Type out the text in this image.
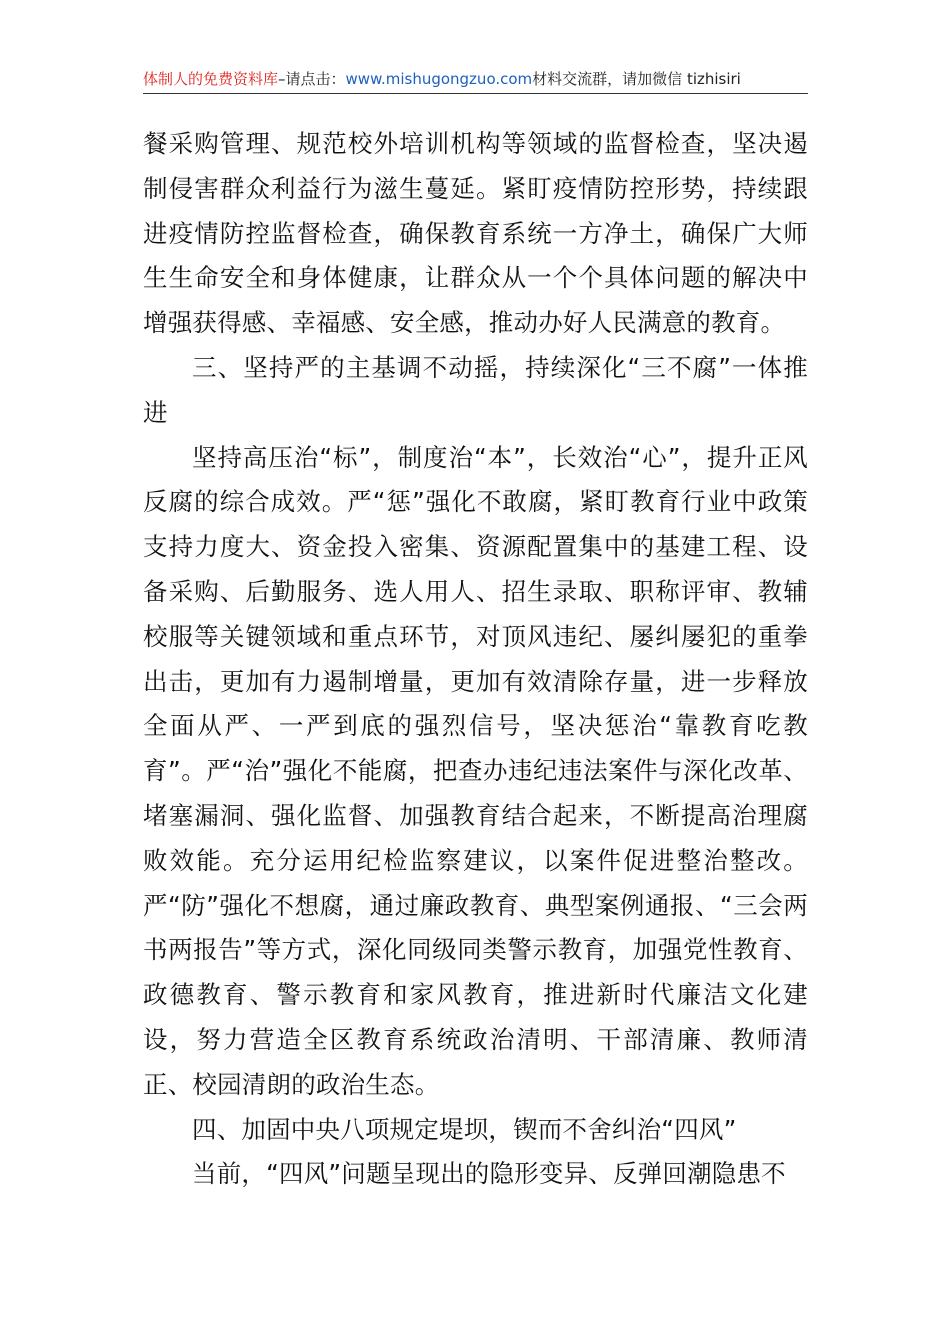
体制人的免费资料库–请点击：www.mishugongzuo.com材料交流群，请加微信 tizhisiri

餐采购管理、规范校外培训机构等领域的监督检查，坚决遏制侵害群众利益行为滋生蔓延。紧盯疫情防控形势，持续跟进疫情防控监督检查，确保教育系统一方净土，确保广大师生生命安全和身体健康，让群众从一个个具体问题的解决中增强获得感、幸福感、安全感，推动办好人民满意的教育。

三、坚持严的主基调不动摇，持续深化“三不腐”一体推进

坚持高压治“标”，制度治“本”，长效治“心”，提升正风反腐的综合成效。严“惩”强化不敢腐，紧盯教育行业中政策支持力度大、资金投入密集、资源配置集中的基建工程、设备采购、后勤服务、选人用人、招生录取、职称评审、教辅校服等关键领域和重点环节，对顶风违纪、屡纠屡犯的重拳出击，更加有力遏制增量，更加有效清除存量，进一步释放全面从严、一严到底的强烈信号，坚决惩治“靠教育吃教育”。严“治”强化不能腐，把查办违纪违法案件与深化改革、堵塞漏洞、强化监督、加强教育结合起来，不断提高治理腐败效能。充分运用纪检监察建议，以案件促进整治整改。严“防”强化不想腐，通过廉政教育、典型案例通报、“三会两书两报告”等方式，深化同级同类警示教育，加强党性教育、政德教育、警示教育和家风教育，推进新时代廉洁文化建设，努力营造全区教育系统政治清明、干部清廉、教师清正、校园清朗的政治生态。

四、加固中央八项规定堤坝，锲而不舍纠治“四风”

当前，“四风”问题呈现出的隐形变异、反弹回潮隐患不
